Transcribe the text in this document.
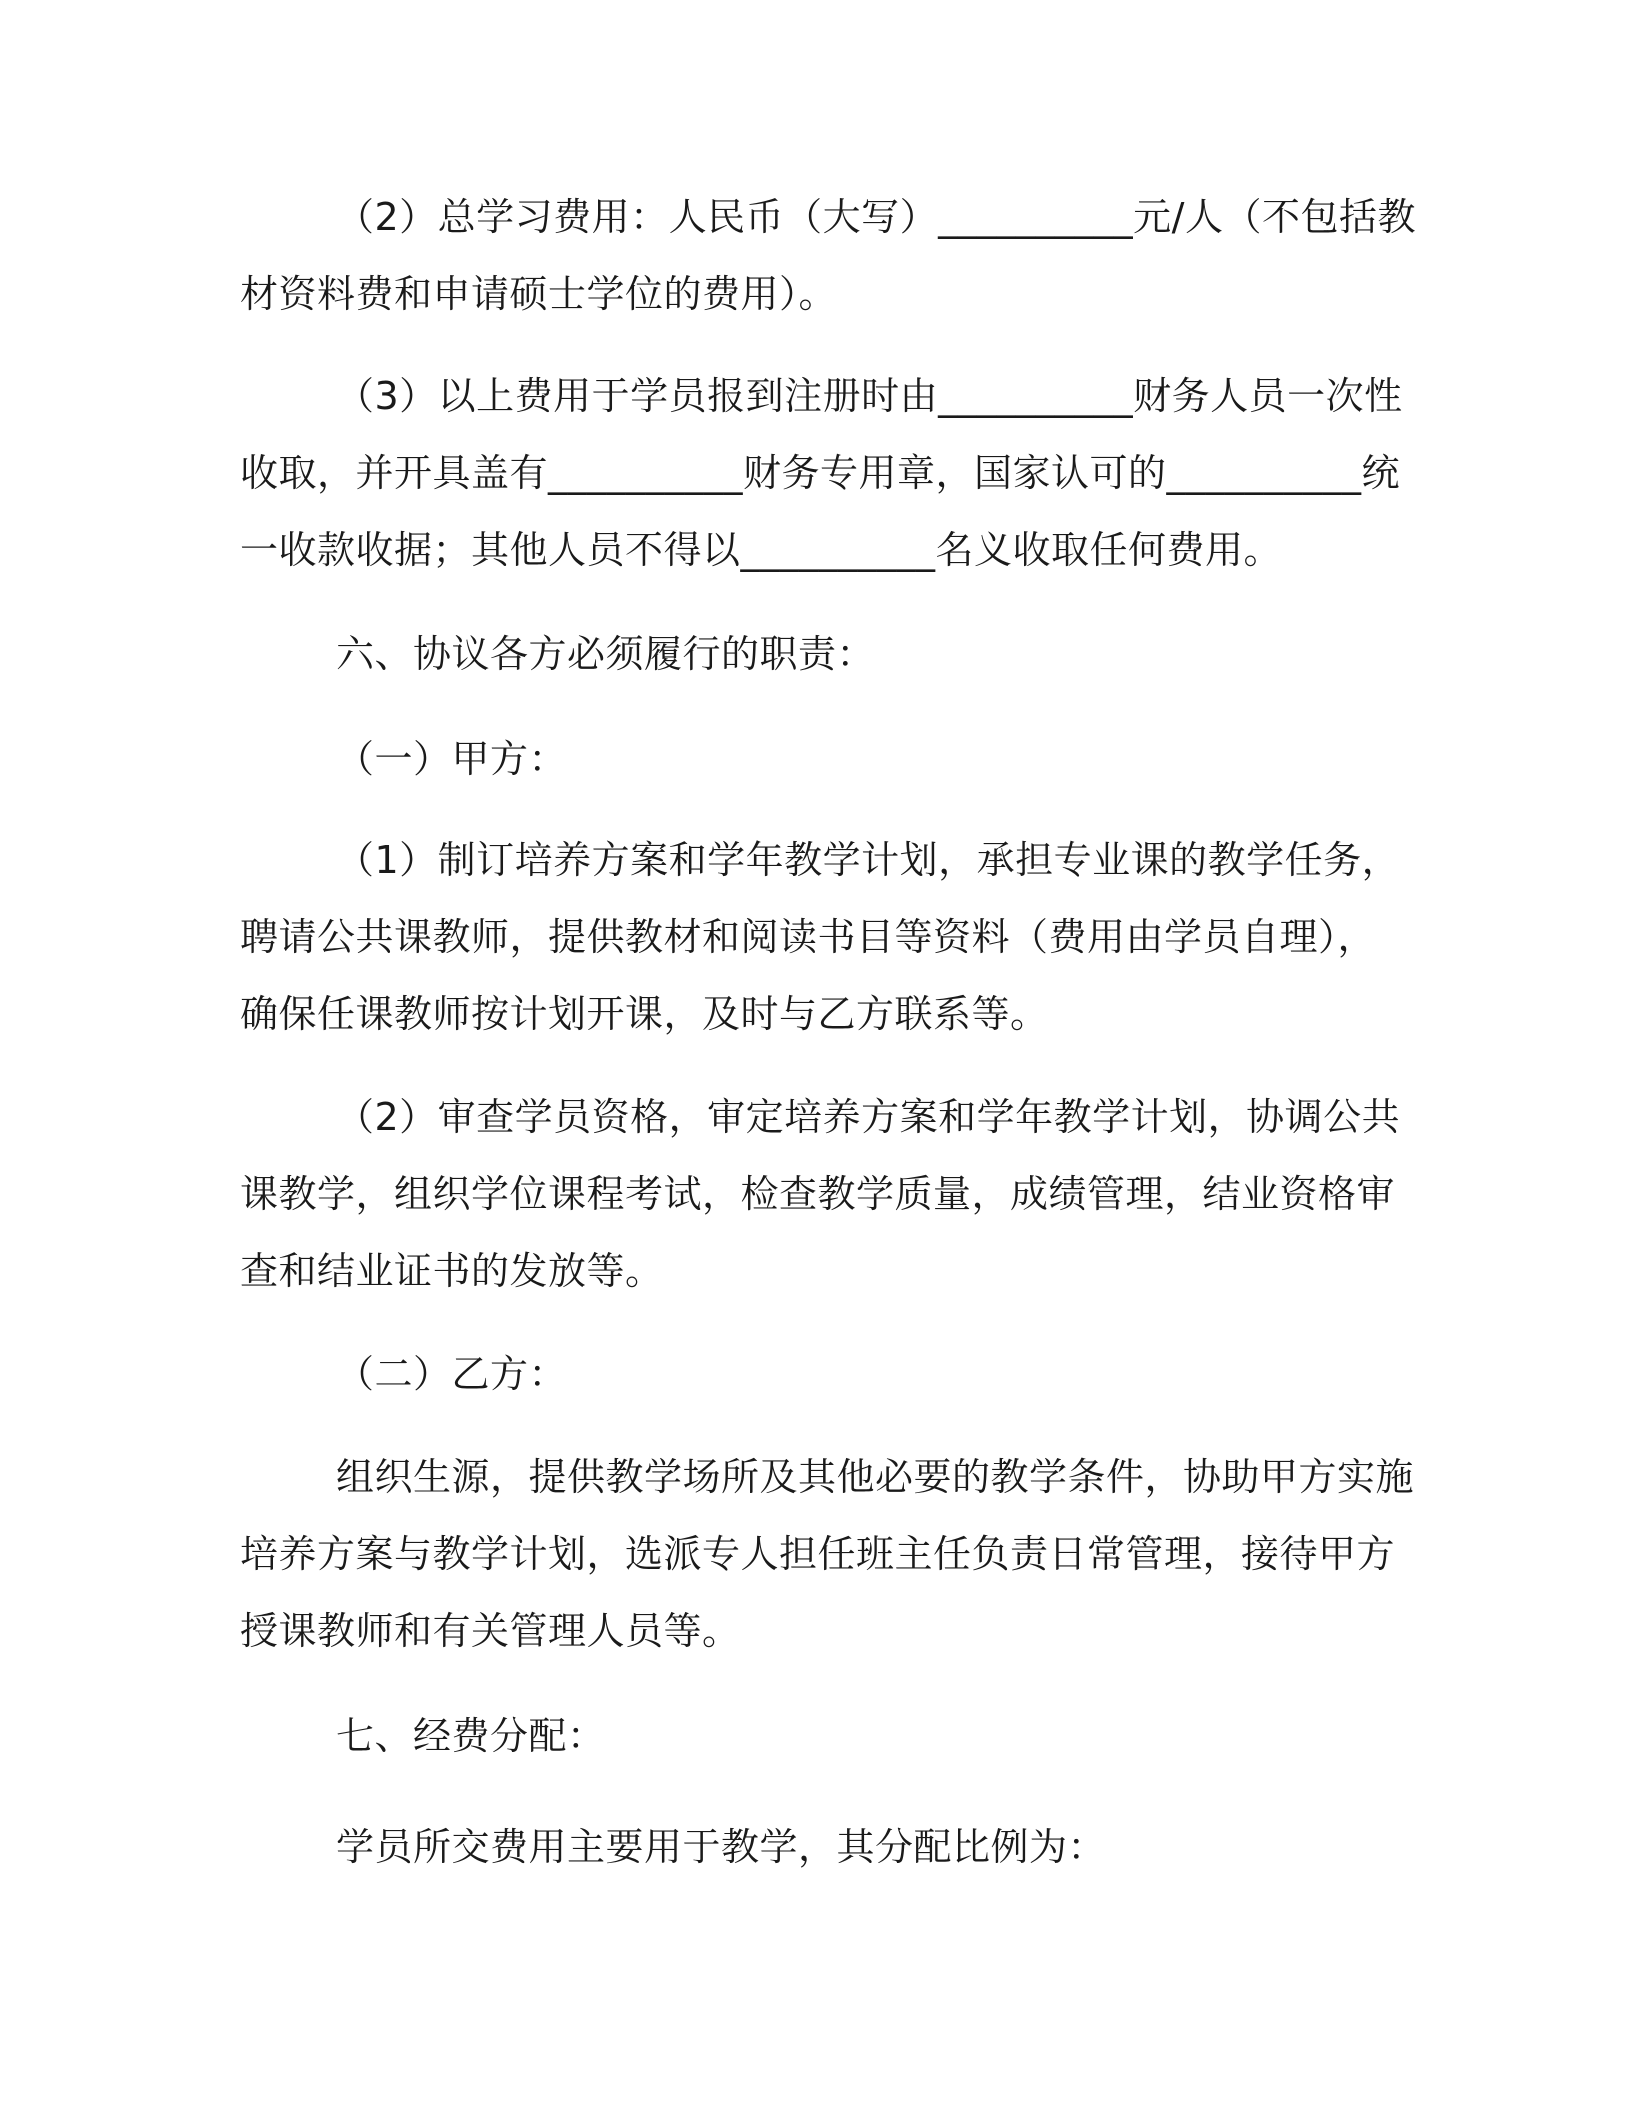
（2）总学习费用：人民币（大写）__________元/人（不包括教
材资料费和申请硕士学位的费用）。
（3）以上费用于学员报到注册时由__________财务人员一次性
收取，并开具盖有__________财务专用章，国家认可的__________统
一收款收据；其他人员不得以__________名义收取任何费用。
六、协议各方必须履行的职责：
（一）甲方：
（1）制订培养方案和学年教学计划，承担专业课的教学任务，
聘请公共课教师，提供教材和阅读书目等资料（费用由学员自理），
确保任课教师按计划开课，及时与乙方联系等。
（2）审查学员资格，审定培养方案和学年教学计划，协调公共
课教学，组织学位课程考试，检查教学质量，成绩管理，结业资格审
查和结业证书的发放等。
（二）乙方：
组织生源，提供教学场所及其他必要的教学条件，协助甲方实施
培养方案与教学计划，选派专人担任班主任负责日常管理，接待甲方
授课教师和有关管理人员等。
七、经费分配：
学员所交费用主要用于教学，其分配比例为：
